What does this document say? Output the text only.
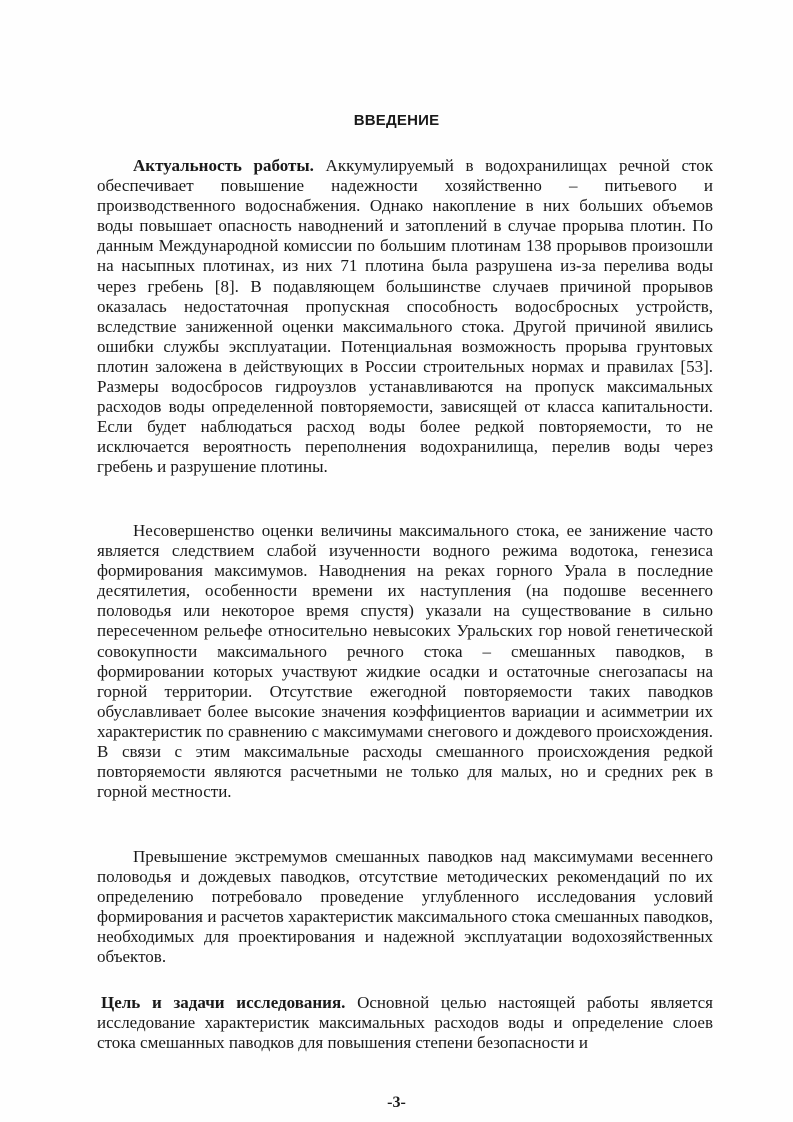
ВВЕДЕНИЕ

Актуальность работы. Аккумулируемый в водохранилищах речной сток обеспечивает повышение надежности хозяйственно – питьевого и производственного водоснабжения. Однако накопление в них больших объемов воды повышает опасность наводнений и затоплений в случае прорыва плотин. По данным Международной комиссии по большим плотинам 138 прорывов произошли на насыпных плотинах, из них 71 плотина была разрушена из-за перелива воды через гребень [8]. В подавляющем большинстве случаев причиной прорывов оказалась недостаточная пропускная способность водосбросных устройств, вследствие заниженной оценки максимального стока. Другой причиной явились ошибки службы эксплуатации. Потенциальная возможность прорыва грунтовых плотин заложена в действующих в России строительных нормах и правилах [53]. Размеры водосбросов гидроузлов устанавливаются на пропуск максимальных расходов воды определенной повторяемости, зависящей от класса капитальности. Если будет наблюдаться расход воды более редкой повторяемости, то не исключается вероятность переполнения водохранилища, перелив воды через гребень и разрушение плотины.

Несовершенство оценки величины максимального стока, ее занижение часто является следствием слабой изученности водного режима водотока, генезиса формирования максимумов. Наводнения на реках горного Урала в последние десятилетия, особенности времени их наступления (на подошве весеннего половодья или некоторое время спустя) указали на существование в сильно пересеченном рельефе относительно невысоких Уральских гор новой генетической совокупности максимального речного стока – смешанных паводков, в формировании которых участвуют жидкие осадки и остаточные снегозапасы на горной территории. Отсутствие ежегодной повторяемости таких паводков обуславливает более высокие значения коэффициентов вариации и асимметрии их характеристик по сравнению с максимумами снегового и дождевого происхождения. В связи с этим максимальные расходы смешанного происхождения редкой повторяемости являются расчетными не только для малых, но и средних рек в горной местности.

Превышение экстремумов смешанных паводков над максимумами весеннего половодья и дождевых паводков, отсутствие методических рекомендаций по их определению потребовало проведение углубленного исследования условий формирования и расчетов характеристик максимального стока смешанных паводков, необходимых для проектирования и надежной эксплуатации водохозяйственных объектов.

Цель и задачи исследования. Основной целью настоящей работы является исследование характеристик максимальных расходов воды и определение слоев стока смешанных паводков для повышения степени безопасности и

-3-
